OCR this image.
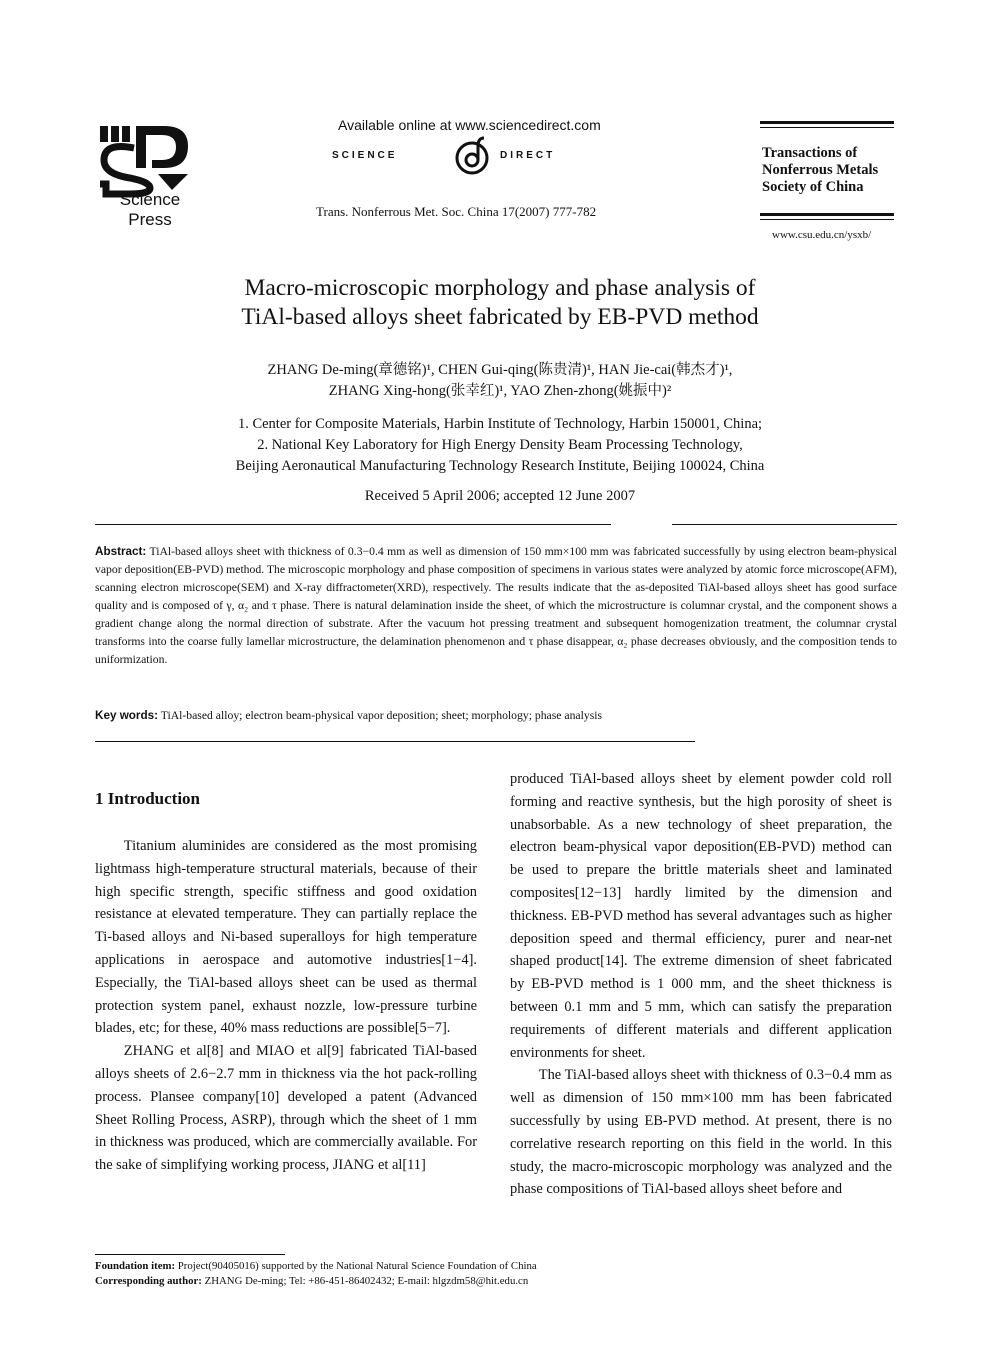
Science
Press
Available online at www.sciencedirect.com
SCIENCE	DIRECT
Trans. Nonferrous Met. Soc. China 17(2007) 777-782
Transactions of
Nonferrous Metals
Society of China
www.csu.edu.cn/ysxb/
Macro-microscopic morphology and phase analysis of
TiAl-based alloys sheet fabricated by EB-PVD method
ZHANG De-ming(章德铭)¹, CHEN Gui-qing(陈贵清)¹, HAN Jie-cai(韩杰才)¹,
ZHANG Xing-hong(张幸红)¹, YAO Zhen-zhong(姚振中)²
1. Center for Composite Materials, Harbin Institute of Technology, Harbin 150001, China;
2. National Key Laboratory for High Energy Density Beam Processing Technology,
Beijing Aeronautical Manufacturing Technology Research Institute, Beijing 100024, China
Received 5 April 2006; accepted 12 June 2007
Abstract: TiAl-based alloys sheet with thickness of 0.3−0.4 mm as well as dimension of 150 mm×100 mm was fabricated successfully by using electron beam-physical vapor deposition(EB-PVD) method. The microscopic morphology and phase composition of specimens in various states were analyzed by atomic force microscope(AFM), scanning electron microscope(SEM) and X-ray diffractometer(XRD), respectively. The results indicate that the as-deposited TiAl-based alloys sheet has good surface quality and is composed of γ, α₂ and τ phase. There is natural delamination inside the sheet, of which the microstructure is columnar crystal, and the component shows a gradient change along the normal direction of substrate. After the vacuum hot pressing treatment and subsequent homogenization treatment, the columnar crystal transforms into the coarse fully lamellar microstructure, the delamination phenomenon and τ phase disappear, α₂ phase decreases obviously, and the composition tends to uniformization.
Key words: TiAl-based alloy; electron beam-physical vapor deposition; sheet; morphology; phase analysis
1 Introduction

Titanium aluminides are considered as the most promising lightmass high-temperature structural materials, because of their high specific strength, specific stiffness and good oxidation resistance at elevated temperature. They can partially replace the Ti-based alloys and Ni-based superalloys for high temperature applications in aerospace and automotive industries[1−4]. Especially, the TiAl-based alloys sheet can be used as thermal protection system panel, exhaust nozzle, low-pressure turbine blades, etc; for these, 40% mass reductions are possible[5−7].

ZHANG et al[8] and MIAO et al[9] fabricated TiAl-based alloys sheets of 2.6−2.7 mm in thickness via the hot pack-rolling process. Plansee company[10] developed a patent (Advanced Sheet Rolling Process, ASRP), through which the sheet of 1 mm in thickness was produced, which are commercially available. For the sake of simplifying working process, JIANG et al[11]

produced TiAl-based alloys sheet by element powder cold roll forming and reactive synthesis, but the high porosity of sheet is unabsorbable. As a new technology of sheet preparation, the electron beam-physical vapor deposition(EB-PVD) method can be used to prepare the brittle materials sheet and laminated composites[12−13] hardly limited by the dimension and thickness. EB-PVD method has several advantages such as higher deposition speed and thermal efficiency, purer and near-net shaped product[14]. The extreme dimension of sheet fabricated by EB-PVD method is 1 000 mm, and the sheet thickness is between 0.1 mm and 5 mm, which can satisfy the preparation requirements of different materials and different application environments for sheet.

The TiAl-based alloys sheet with thickness of 0.3−0.4 mm as well as dimension of 150 mm×100 mm has been fabricated successfully by using EB-PVD method. At present, there is no correlative research reporting on this field in the world. In this study, the macro-microscopic morphology was analyzed and the phase compositions of TiAl-based alloys sheet before and

Foundation item: Project(90405016) supported by the National Natural Science Foundation of China
Corresponding author: ZHANG De-ming; Tel: +86-451-86402432; E-mail: hlgzdm58@hit.edu.cn
